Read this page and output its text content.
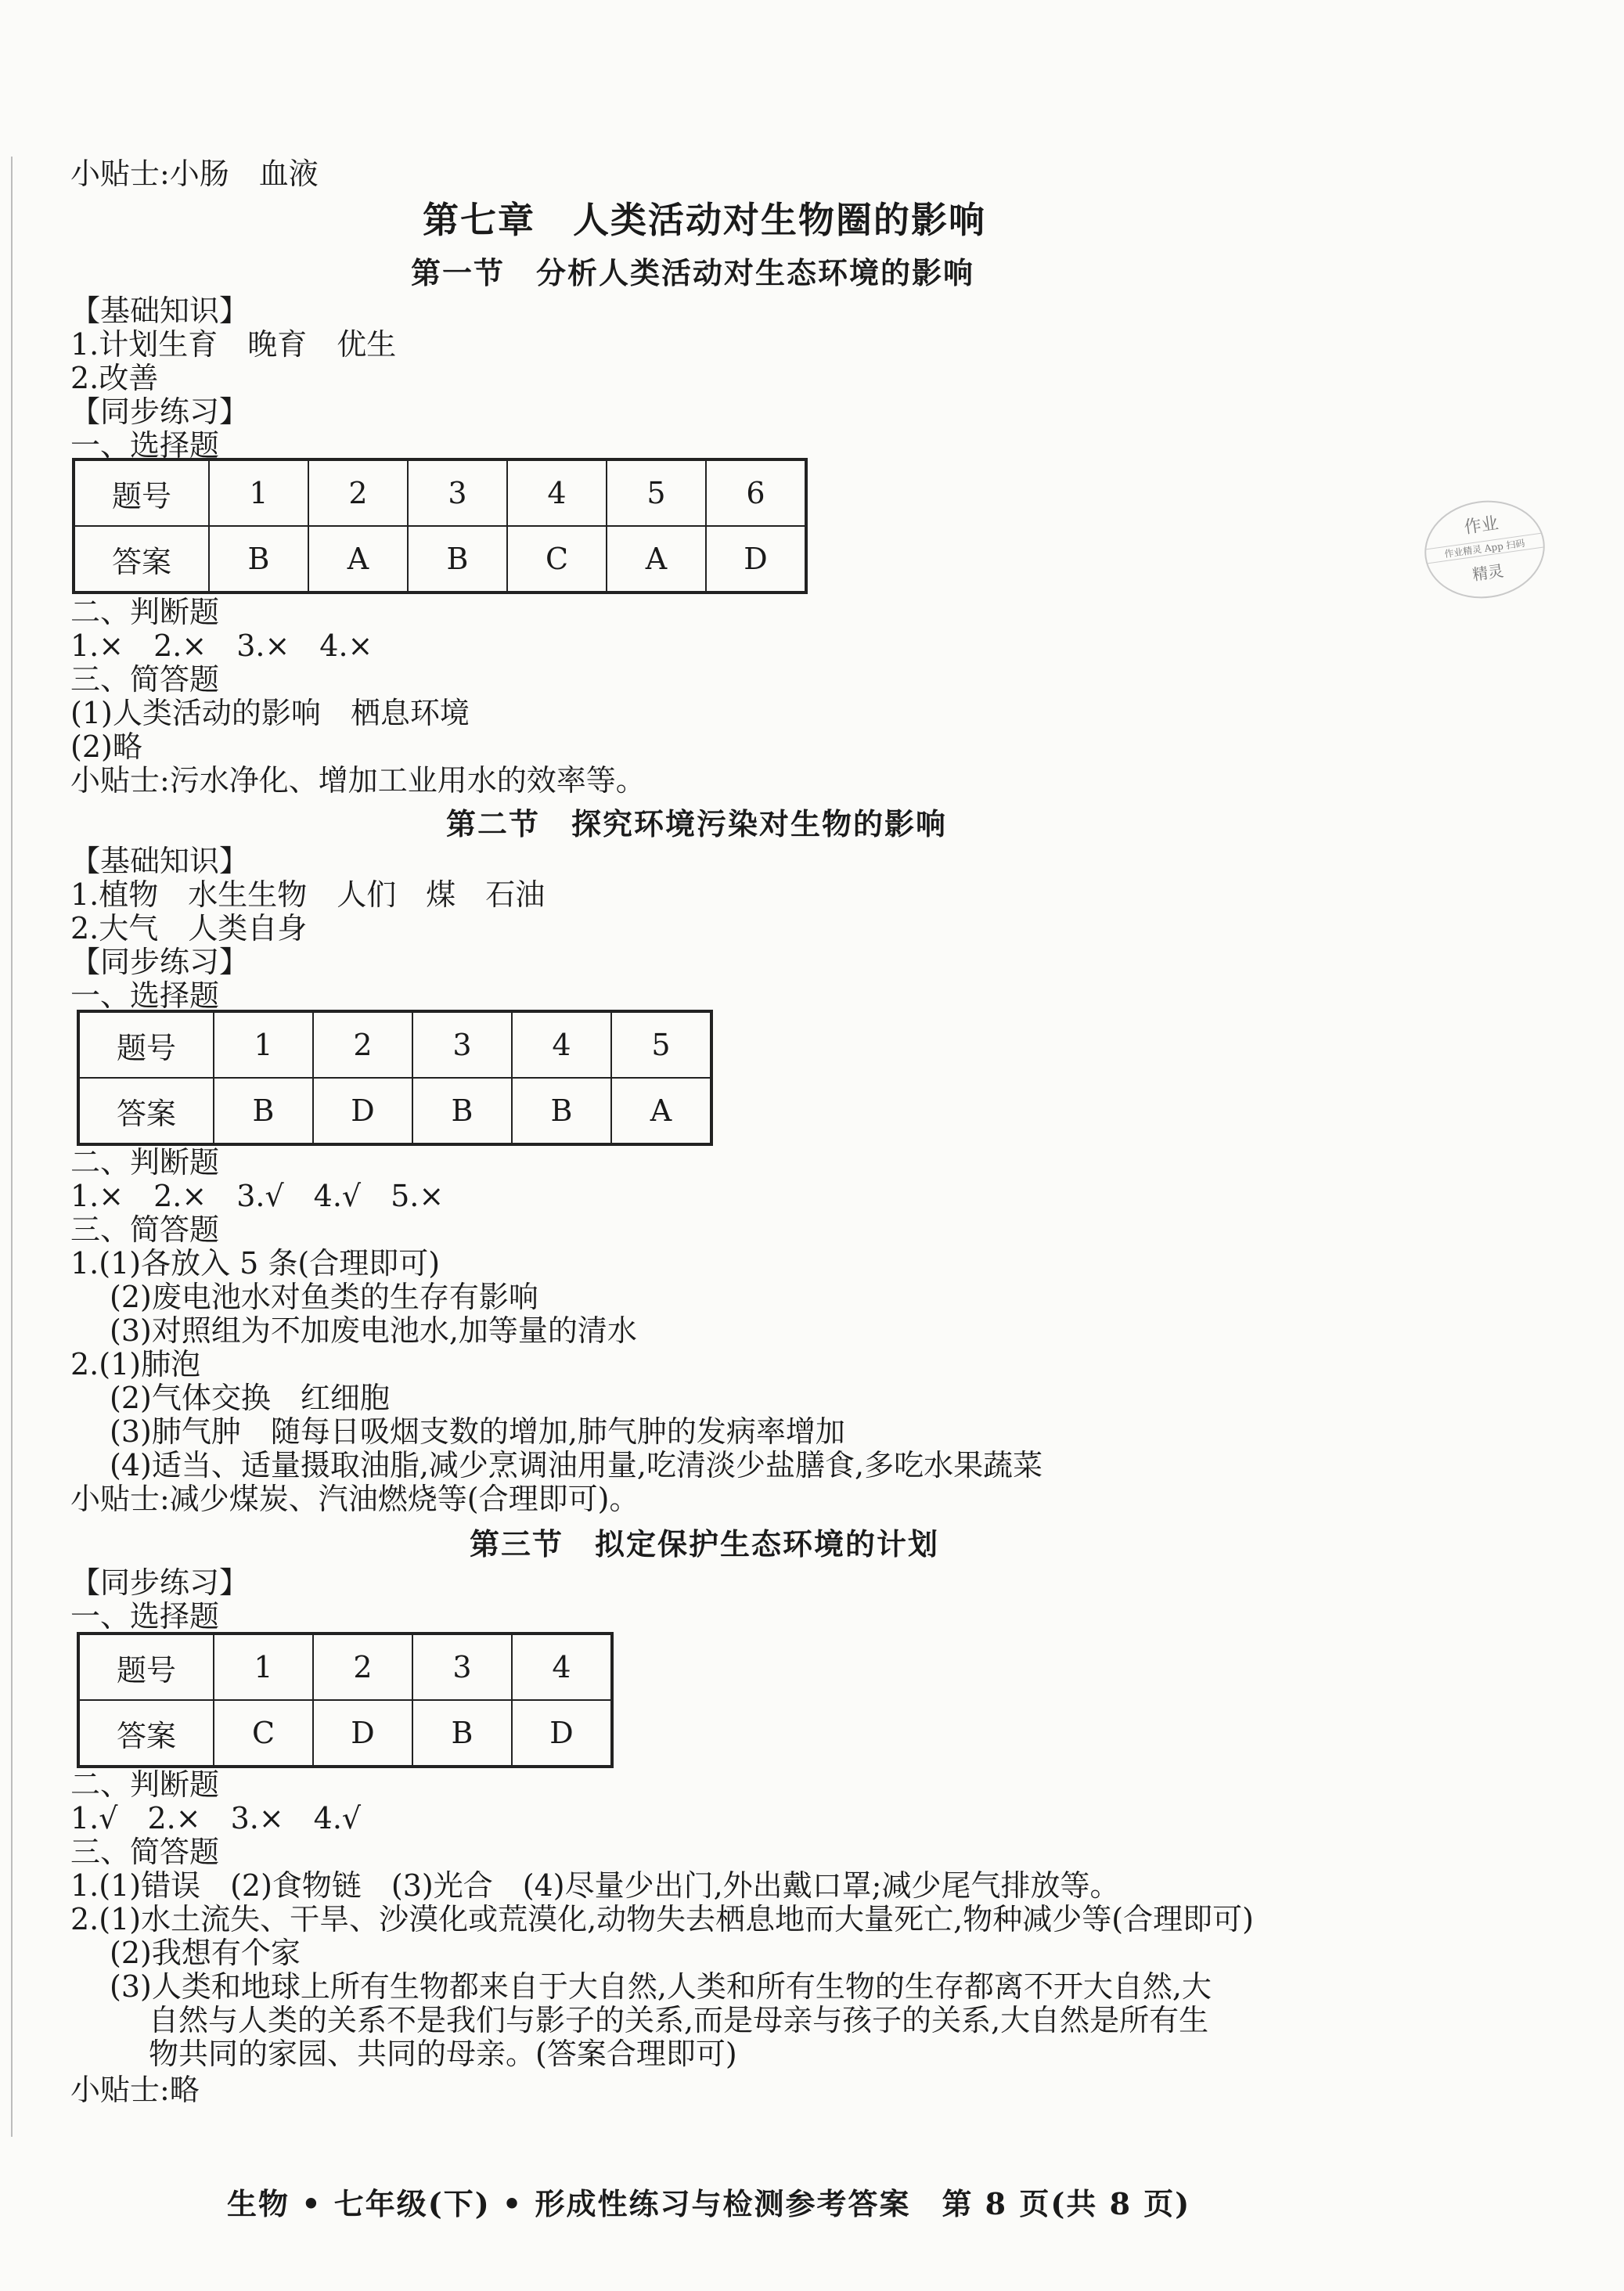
小贴士:小肠　血液
第七章　人类活动对生物圈的影响
第一节　分析人类活动对生态环境的影响
【基础知识】
1.计划生育　晚育　优生
2.改善
【同步练习】
一、选择题
题号	1	2	3	4	5	6
答案	B	A	B	C	A	D
二、判断题
1.×　2.×　3.×　4.×
三、简答题
(1)人类活动的影响　栖息环境
(2)略
小贴士:污水净化、增加工业用水的效率等。
第二节　探究环境污染对生物的影响
【基础知识】
1.植物　水生生物　人们　煤　石油
2.大气　人类自身
【同步练习】
一、选择题
题号	1	2	3	4	5
答案	B	D	B	B	A
二、判断题
1.×　2.×　3.√　4.√　5.×
三、简答题
1.(1)各放入 5 条(合理即可)
(2)废电池水对鱼类的生存有影响
(3)对照组为不加废电池水,加等量的清水
2.(1)肺泡
(2)气体交换　红细胞
(3)肺气肿　随每日吸烟支数的增加,肺气肿的发病率增加
(4)适当、适量摄取油脂,减少烹调油用量,吃清淡少盐膳食,多吃水果蔬菜
小贴士:减少煤炭、汽油燃烧等(合理即可)。
第三节　拟定保护生态环境的计划
【同步练习】
一、选择题
题号	1	2	3	4
答案	C	D	B	D
二、判断题
1.√　2.×　3.×　4.√
三、简答题
1.(1)错误　(2)食物链　(3)光合　(4)尽量少出门,外出戴口罩;减少尾气排放等。
2.(1)水土流失、干旱、沙漠化或荒漠化,动物失去栖息地而大量死亡,物种减少等(合理即可)
(2)我想有个家
(3)人类和地球上所有生物都来自于大自然,人类和所有生物的生存都离不开大自然,大
自然与人类的关系不是我们与影子的关系,而是母亲与孩子的关系,大自然是所有生
物共同的家园、共同的母亲。(答案合理即可)
小贴士:略
作业
作业精灵 App 扫码
精灵
生物 • 七年级(下) • 形成性练习与检测参考答案　第 8 页(共 8 页)
